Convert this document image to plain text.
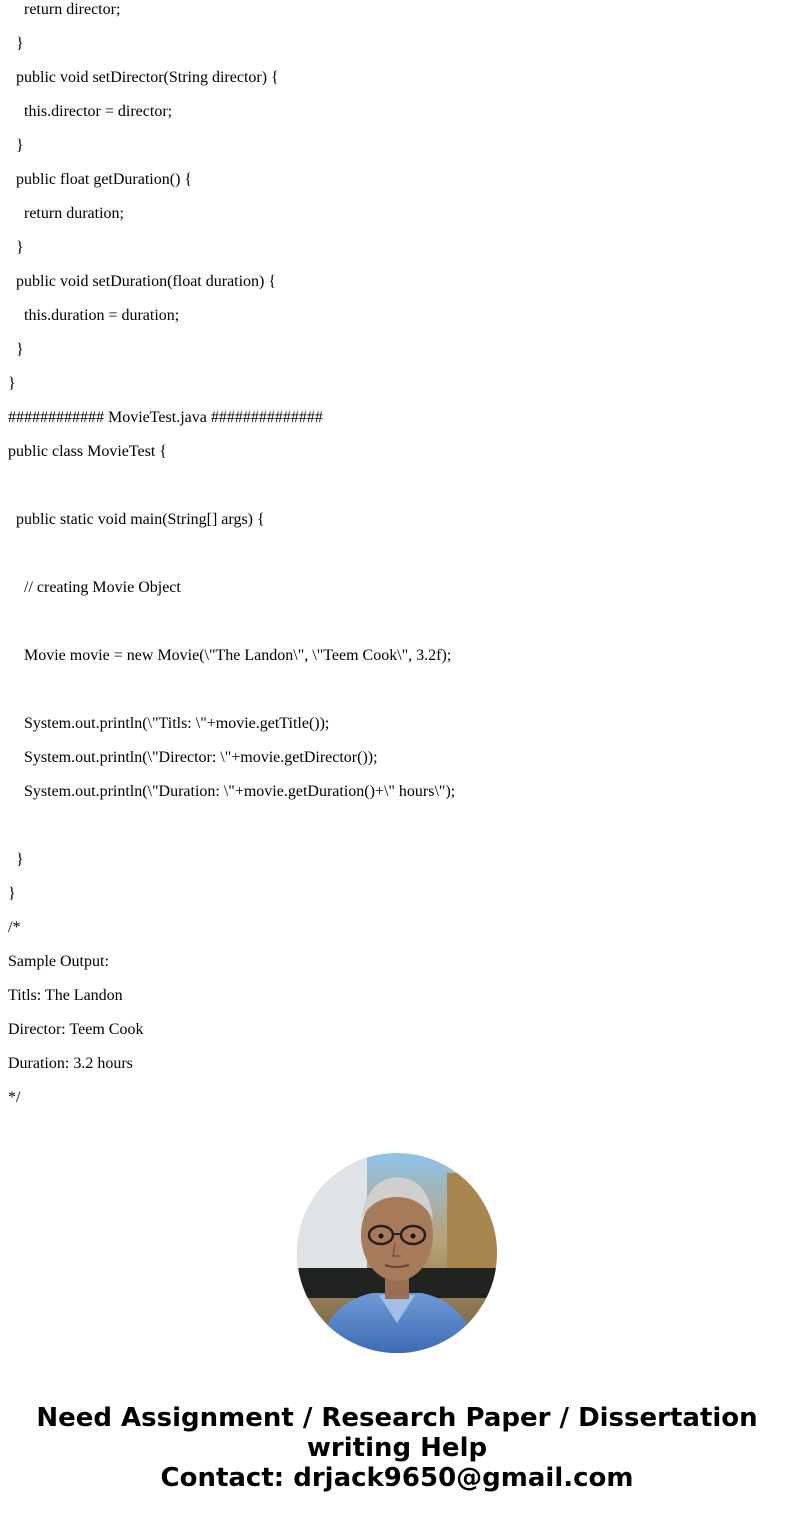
return director;
}
public void setDirector(String director) {
this.director = director;
}
public float getDuration() {
return duration;
}
public void setDuration(float duration) {
this.duration = duration;
}
}
############ MovieTest.java ##############
public class MovieTest {
public static void main(String[] args) {
// creating Movie Object
Movie movie = new Movie(\"The Landon\", \"Teem Cook\", 3.2f);
System.out.println(\"Titls: \"+movie.getTitle());
System.out.println(\"Director: \"+movie.getDirector());
System.out.println(\"Duration: \"+movie.getDuration()+\" hours\");
}
}
/*
Sample Output:
Titls: The Landon
Director: Teem Cook
Duration: 3.2 hours
*/
Need Assignment / Research Paper / Dissertation
writing Help
Contact: drjack9650@gmail.com
